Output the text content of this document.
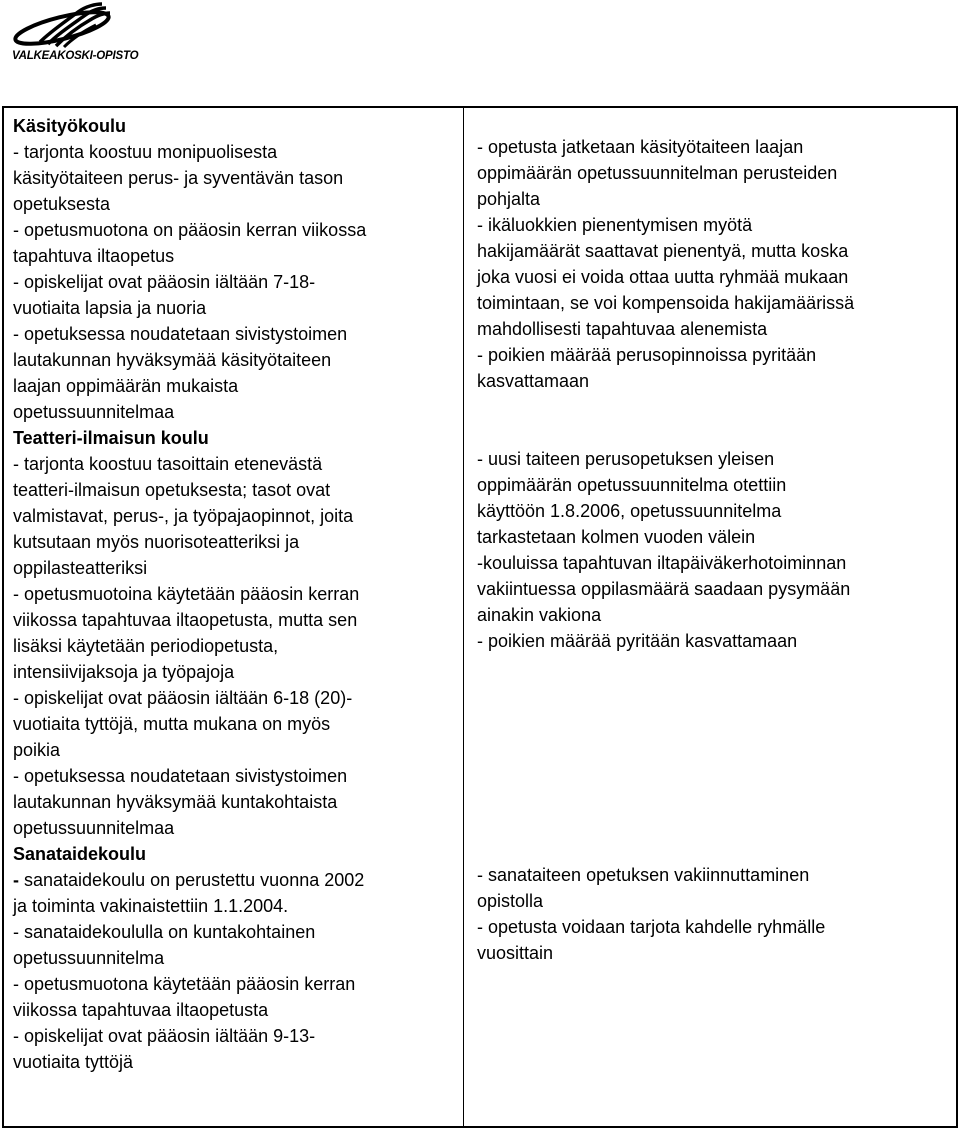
VALKEAKOSKI-OPISTO
Käsityökoulu
- tarjonta koostuu monipuolisesta
käsityötaiteen perus- ja syventävän tason
opetuksesta
- opetusmuotona on pääosin kerran viikossa
tapahtuva iltaopetus
- opiskelijat ovat pääosin iältään 7-18-
vuotiaita lapsia ja nuoria
- opetuksessa noudatetaan sivistystoimen
lautakunnan hyväksymää käsityötaiteen
laajan oppimäärän mukaista
opetussuunnitelmaa
Teatteri-ilmaisun koulu
- tarjonta koostuu tasoittain etenevästä
teatteri-ilmaisun opetuksesta; tasot ovat
valmistavat, perus-, ja työpajaopinnot, joita
kutsutaan myös nuorisoteatteriksi ja
oppilasteatteriksi
- opetusmuotoina käytetään pääosin kerran
viikossa tapahtuvaa iltaopetusta, mutta sen
lisäksi käytetään periodiopetusta,
intensiivijaksoja ja työpajoja
- opiskelijat ovat pääosin iältään 6-18 (20)-
vuotiaita tyttöjä, mutta mukana on myös
poikia
- opetuksessa noudatetaan sivistystoimen
lautakunnan hyväksymää kuntakohtaista
opetussuunnitelmaa
Sanataidekoulu
- sanataidekoulu on perustettu vuonna 2002
ja toiminta vakinaistettiin 1.1.2004.
- sanataidekoululla on kuntakohtainen
opetussuunnitelma
- opetusmuotona käytetään pääosin kerran
viikossa tapahtuvaa iltaopetusta
- opiskelijat ovat pääosin iältään 9-13-
vuotiaita tyttöjä
- opetusta jatketaan käsityötaiteen laajan
oppimäärän opetussuunnitelman perusteiden
pohjalta
- ikäluokkien pienentymisen myötä
hakijamäärät saattavat pienentyä, mutta koska
joka vuosi ei voida ottaa uutta ryhmää mukaan
toimintaan, se voi kompensoida hakijamäärissä
mahdollisesti tapahtuvaa alenemista
- poikien määrää perusopinnoissa pyritään
kasvattamaan
- uusi taiteen perusopetuksen yleisen
oppimäärän opetussuunnitelma otettiin
käyttöön 1.8.2006, opetussuunnitelma
tarkastetaan kolmen vuoden välein
-kouluissa tapahtuvan iltapäiväkerhotoiminnan
vakiintuessa oppilasmäärä saadaan pysymään
ainakin vakiona
- poikien määrää pyritään kasvattamaan
- sanataiteen opetuksen vakiinnuttaminen
opistolla
- opetusta voidaan tarjota kahdelle ryhmälle
vuosittain
